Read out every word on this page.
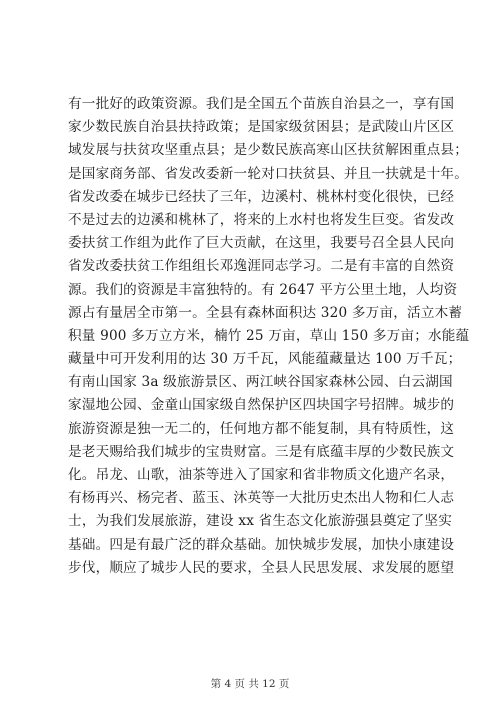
有一批好的政策资源。我们是全国五个苗族自治县之一，享有国
家少数民族自治县扶持政策；是国家级贫困县；是武陵山片区区
域发展与扶贫攻坚重点县；是少数民族高寒山区扶贫解困重点县；
是国家商务部、省发改委新一轮对口扶贫县、并且一扶就是十年。
省发改委在城步已经扶了三年，边溪村、桃林村变化很快，已经
不是过去的边溪和桃林了，将来的上水村也将发生巨变。省发改
委扶贫工作组为此作了巨大贡献，在这里，我要号召全县人民向
省发改委扶贫工作组组长邓逸涯同志学习。二是有丰富的自然资
源。我们的资源是丰富独特的。有 2647 平方公里土地，人均资
源占有量居全市第一。全县有森林面积达 320 多万亩，活立木蓄
积量 900 多万立方米，楠竹 25 万亩，草山 150 多万亩；水能蕴
藏量中可开发利用的达 30 万千瓦，风能蕴藏量达 100 万千瓦；
有南山国家 3a 级旅游景区、两江峡谷国家森林公园、白云湖国
家湿地公园、金童山国家级自然保护区四块国字号招牌。城步的
旅游资源是独一无二的，任何地方都不能复制，具有特质性，这
是老天赐给我们城步的宝贵财富。三是有底蕴丰厚的少数民族文
化。吊龙、山歌，油茶等进入了国家和省非物质文化遗产名录，
有杨再兴、杨完者、蓝玉、沐英等一大批历史杰出人物和仁人志
士，为我们发展旅游，建设 xx 省生态文化旅游强县奠定了坚实
基础。四是有最广泛的群众基础。加快城步发展，加快小康建设
步伐，顺应了城步人民的要求，全县人民思发展、求发展的愿望
第 4 页 共 12 页
